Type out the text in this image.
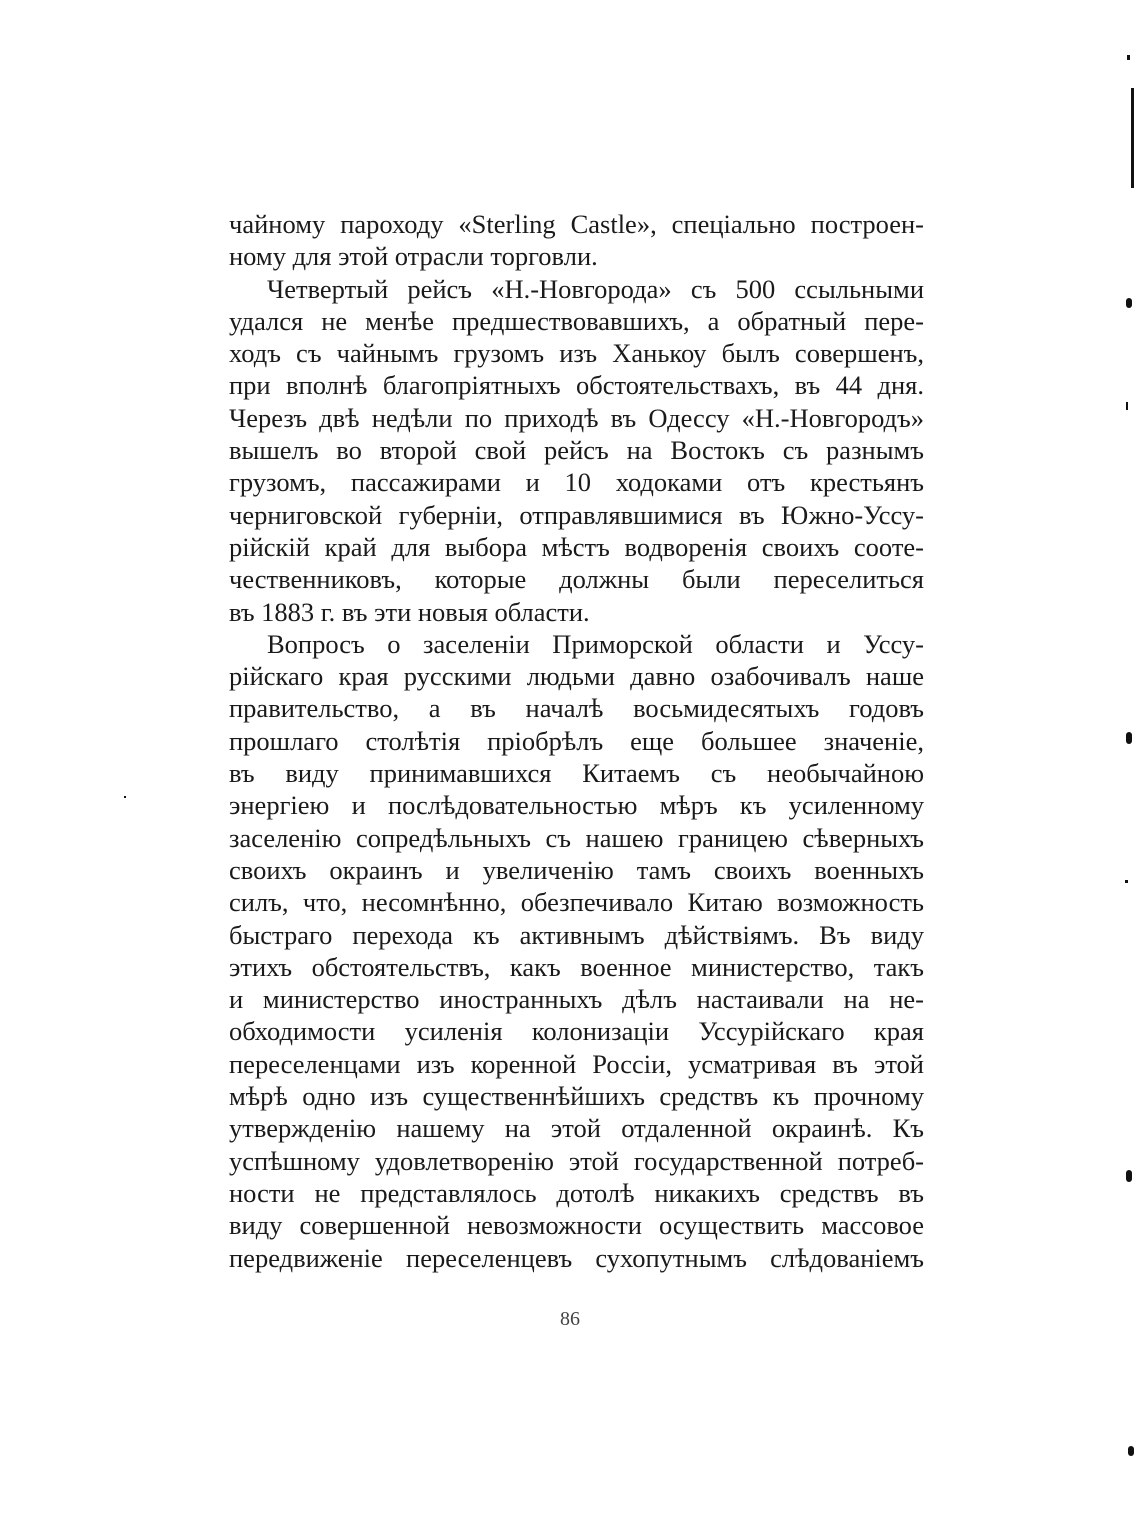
чайному пароходу «Sterling Castle», спеціально построен-
ному для этой отрасли торговли.
Четвертый рейсъ «Н.-Новгорода» съ 500 ссыльными
удался не менѣе предшествовавшихъ, а обратный пере-
ходъ съ чайнымъ грузомъ изъ Ханькоу былъ совершенъ,
при вполнѣ благопріятныхъ обстоятельствахъ, въ 44 дня.
Черезъ двѣ недѣли по приходѣ въ Одессу «Н.-Новгородъ»
вышелъ во второй свой рейсъ на Востокъ съ разнымъ
грузомъ, пассажирами и 10 ходоками отъ крестьянъ
черниговской губерніи, отправлявшимися въ Южно-Уссу-
рійскій край для выбора мѣстъ водворенія своихъ сооте-
чественниковъ, которые должны были переселиться
въ 1883 г. въ эти новыя области.
Вопросъ о заселеніи Приморской области и Уссу-
рійскаго края русскими людьми давно озабочивалъ наше
правительство, а въ началѣ восьмидесятыхъ годовъ
прошлаго столѣтія пріобрѣлъ еще большее значеніе,
въ виду принимавшихся Китаемъ съ необычайною
энергіею и послѣдовательностью мѣръ къ усиленному
заселенію сопредѣльныхъ съ нашею границею сѣверныхъ
своихъ окраинъ и увеличенію тамъ своихъ военныхъ
силъ, что, несомнѣнно, обезпечивало Китаю возможность
быстраго перехода къ активнымъ дѣйствіямъ. Въ виду
этихъ обстоятельствъ, какъ военное министерство, такъ
и министерство иностранныхъ дѣлъ настаивали на не-
обходимости усиленія колонизаціи Уссурійскаго края
переселенцами изъ коренной Россіи, усматривая въ этой
мѣрѣ одно изъ существеннѣйшихъ средствъ къ прочному
утвержденію нашему на этой отдаленной окраинѣ. Къ
успѣшному удовлетворенію этой государственной потреб-
ности не представлялось дотолѣ никакихъ средствъ въ
виду совершенной невозможности осуществить массовое
передвиженіе переселенцевъ сухопутнымъ слѣдованіемъ
86
